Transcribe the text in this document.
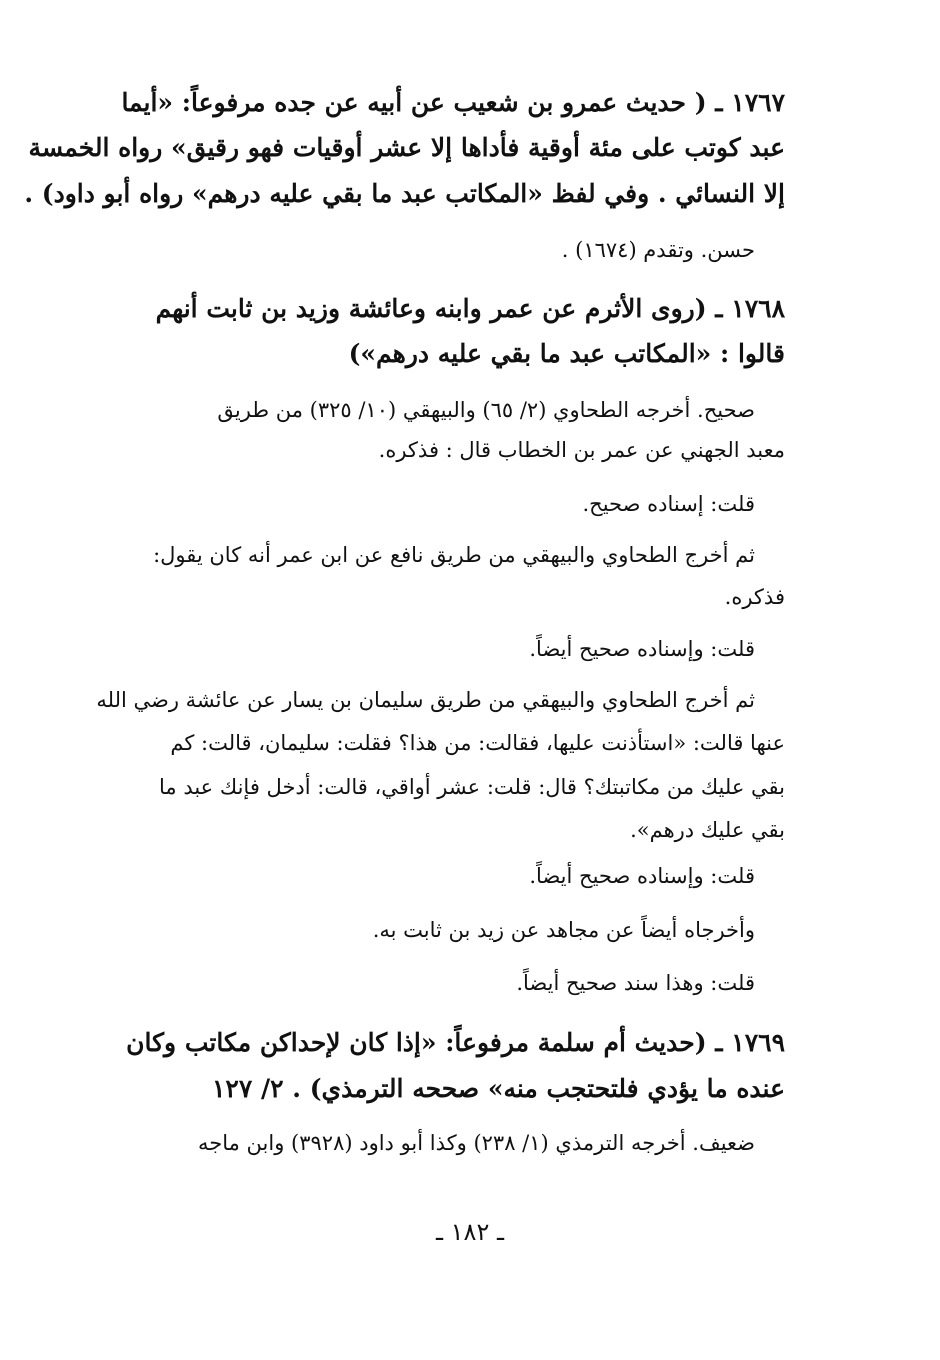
١٧٦٧ ـ ( حديث عمرو بن شعيب عن أبيه عن جده مرفوعاً: «أيما
عبد كوتب على مئة أوقية فأداها إلا عشر أوقيات فهو رقيق» رواه الخمسة
إلا النسائي . وفي لفظ «المكاتب عبد ما بقي عليه درهم» رواه أبو داود) .
حسن. وتقدم (١٦٧٤) .
١٧٦٨ ـ (روى الأثرم عن عمر وابنه وعائشة وزيد بن ثابت أنهم
قالوا : «المكاتب عبد ما بقي عليه درهم»)
صحيح. أخرجه الطحاوي (٢/ ٦٥) والبيهقي (١٠/ ٣٢٥) من طريق
معبد الجهني عن عمر بن الخطاب قال : فذكره.
قلت: إسناده صحيح.
ثم أخرج الطحاوي والبيهقي من طريق نافع عن ابن عمر أنه كان يقول:
فذكره.
قلت: وإسناده صحيح أيضاً.
ثم أخرج الطحاوي والبيهقي من طريق سليمان بن يسار عن عائشة رضي الله
عنها قالت: «استأذنت عليها، فقالت: من هذا؟ فقلت: سليمان، قالت: كم
بقي عليك من مكاتبتك؟ قال: قلت: عشر أواقي، قالت: أدخل فإنك عبد ما
بقي عليك درهم».
قلت: وإسناده صحيح أيضاً.
وأخرجاه أيضاً عن مجاهد عن زيد بن ثابت به.
قلت: وهذا سند صحيح أيضاً.
١٧٦٩ ـ (حديث أم سلمة مرفوعاً: «إذا كان لإحداكن مكاتب وكان
عنده ما يؤدي فلتحتجب منه» صححه الترمذي) . ٢/ ١٢٧
ضعيف. أخرجه الترمذي (١/ ٢٣٨) وكذا أبو داود (٣٩٢٨) وابن ماجه
ـ ١٨٢ ـ
